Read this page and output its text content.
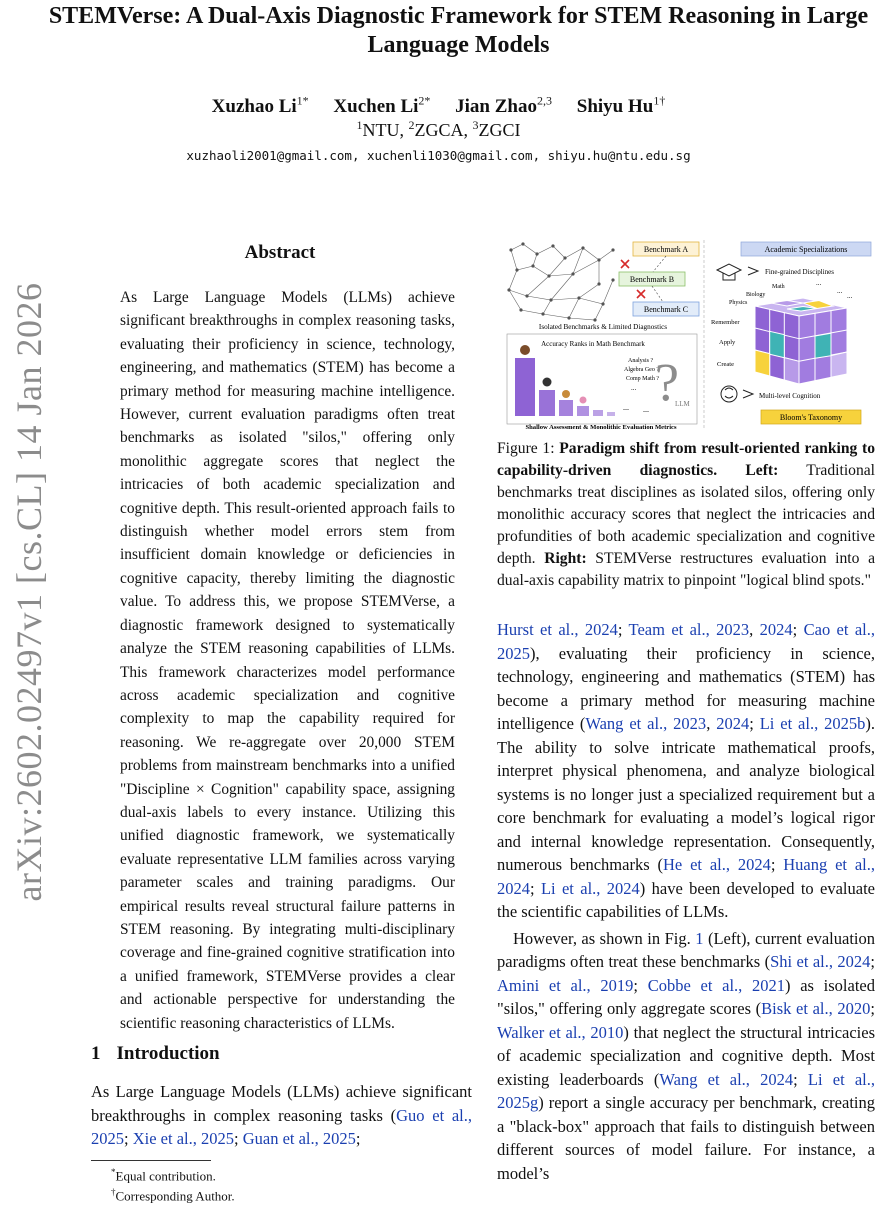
STEMVerse: A Dual-Axis Diagnostic Framework for STEM Reasoning in Large Language Models
Xuzhao $Li^{1*}$ Xuchen $Li^{2*}$ Jian Zhao$^{2,3}$ Shiyu $Hu^{1\dagger}$
$^1$NTU, $^2$ZGCA, $^3$ZGCI
xuzhaoli2001@gmail.com, xuchenli1030@gmail.com, shiyu.hu@ntu.edu.sg
arXiv:2602.02497v1 [cs.CL] 14 Jan 2026
Abstract
As Large Language Models (LLMs) achieve significant breakthroughs in complex reasoning tasks, evaluating their proficiency in science, technology, engineering, and mathematics (STEM) has become a primary method for measuring machine intelligence. However, current evaluation paradigms often treat benchmarks as isolated "silos," offering only monolithic aggregate scores that neglect the intricacies of both academic specialization and cognitive depth. This result-oriented approach fails to distinguish whether model errors stem from insufficient domain knowledge or deficiencies in cognitive capacity, thereby limiting the diagnostic value. To address this, we propose STEMVerse, a diagnostic framework designed to systematically analyze the STEM reasoning capabilities of LLMs. This framework characterizes model performance across academic specialization and cognitive complexity to map the capability required for reasoning. We re-aggregate over 20,000 STEM problems from mainstream benchmarks into a unified "Discipline × Cognition" capability space, assigning dual-axis labels to every instance. Utilizing this unified diagnostic framework, we systematically evaluate representative LLM families across varying parameter scales and training paradigms. Our empirical results reveal structural failure patterns in STEM reasoning. By integrating multi-disciplinary coverage and fine-grained cognitive stratification into a unified framework, STEMVerse provides a clear and actionable perspective for understanding the scientific reasoning characteristics of LLMs.
1 Introduction
As Large Language Models (LLMs) achieve significant breakthroughs in complex reasoning tasks (Guo et al., 2025; Xie et al., 2025; Guan et al., 2025;
*Equal contribution.
†Corresponding Author.
Benchmark A
Benchmark B
Benchmark C
Isolated Benchmarks & Limited Diagnostics
Accuracy Ranks in Math Benchmark
Analysis ?
Algebra Geo ?
Comp Math ?
...
... ... ?
LLM
Shallow Assessment & Monolithic Evaluation Metrics
Academic Specializations
Fine-grained Disciplines
Math	...
Biology	...
Physics
...
Remember
Apply
Create
Multi-level Cognition
Bloom's Taxonomy
Figure 1: Paradigm shift from result-oriented ranking to capability-driven diagnostics. Left: Traditional benchmarks treat disciplines as isolated silos, offering only monolithic accuracy scores that neglect the intricacies and profundities of both academic specialization and cognitive depth. Right: STEMVerse restructures evaluation into a dual-axis capability matrix to pinpoint "logical blind spots."

Hurst et al., 2024; Team et al., 2023, 2024; Cao et al., 2025), evaluating their proficiency in science, technology, engineering and mathematics (STEM) has become a primary method for measuring machine intelligence (Wang et al., 2023, 2024; Li et al., 2025b). The ability to solve intricate mathematical proofs, interpret physical phenomena, and analyze biological systems is no longer just a specialized requirement but a core benchmark for evaluating a model’s logical rigor and internal knowledge representation. Consequently, numerous benchmarks (He et al., 2024; Huang et al., 2024; Li et al., 2024) have been developed to evaluate the scientific capabilities of LLMs.

However, as shown in Fig. 1 (Left), current evaluation paradigms often treat these benchmarks (Shi et al., 2024; Amini et al., 2019; Cobbe et al., 2021) as isolated "silos," offering only aggregate scores (Bisk et al., 2020; Walker et al., 2010) that neglect the structural intricacies of academic specialization and cognitive depth. Most existing leaderboards (Wang et al., 2024; Li et al., 2025g) report a single accuracy per benchmark, creating a "black-box" approach that fails to distinguish between different sources of model failure. For instance, a model’s
